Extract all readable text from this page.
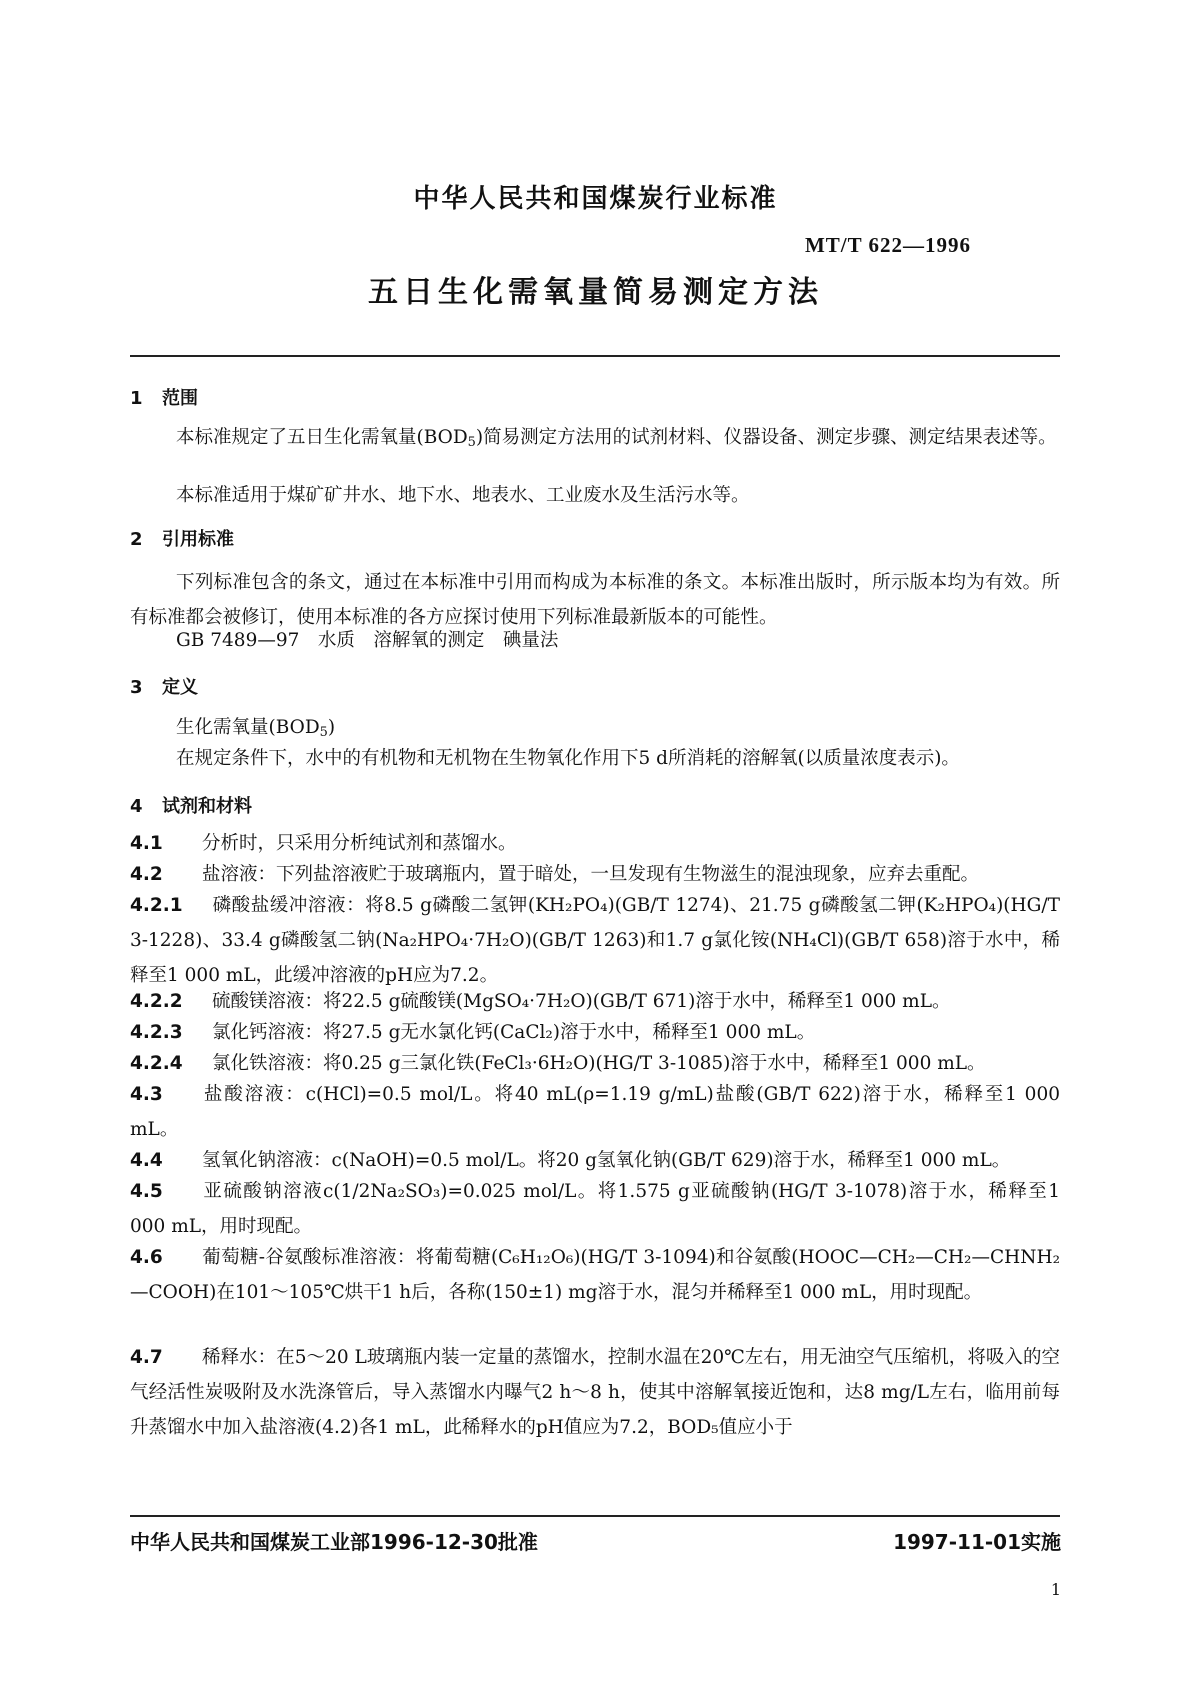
中华人民共和国煤炭行业标准
MT/T 622—1996
五日生化需氧量简易测定方法
1 范围
本标准规定了五日生化需氧量$(BOD_5)$简易测定方法用的试剂材料、仪器设备、测定步骤、测定结果表述等。
本标准适用于煤矿矿井水、地下水、地表水、工业废水及生活污水等。
2 引用标准
下列标准包含的条文，通过在本标准中引用而构成为本标准的条文。本标准出版时，所示版本均为有效。所有标准都会被修订，使用本标准的各方应探讨使用下列标准最新版本的可能性。
GB 7489—97　水质　溶解氧的测定　碘量法
3 定义
生化需氧量$(BOD_5)$
在规定条件下，水中的有机物和无机物在生物氧化作用下5 d所消耗的溶解氧(以质量浓度表示)。
4 试剂和材料
4.1 分析时，只采用分析纯试剂和蒸馏水。
4.2 盐溶液：下列盐溶液贮于玻璃瓶内，置于暗处，一旦发现有生物滋生的混浊现象，应弃去重配。
4.2.1 磷酸盐缓冲溶液：将8.5 g磷酸二氢钾(KH₂PO₄)(GB/T 1274)、21.75 g磷酸氢二钾(K₂HPO₄)(HG/T 3-1228)、33.4 g磷酸氢二钠(Na₂HPO₄·7H₂O)(GB/T 1263)和1.7 g氯化铵(NH₄Cl)(GB/T 658)溶于水中，稀释至1 000 mL，此缓冲溶液的pH应为7.2。
4.2.2 硫酸镁溶液：将22.5 g硫酸镁(MgSO₄·7H₂O)(GB/T 671)溶于水中，稀释至1 000 mL。
4.2.3 氯化钙溶液：将27.5 g无水氯化钙(CaCl₂)溶于水中，稀释至1 000 mL。
4.2.4 氯化铁溶液：将0.25 g三氯化铁(FeCl₃·6H₂O)(HG/T 3-1085)溶于水中，稀释至1 000 mL。
4.3 盐酸溶液：c(HCl)=0.5 mol/L。将40 mL(ρ=1.19 g/mL)盐酸(GB/T 622)溶于水，稀释至1 000 mL。
4.4 氢氧化钠溶液：c(NaOH)=0.5 mol/L。将20 g氢氧化钠(GB/T 629)溶于水，稀释至1 000 mL。
4.5 亚硫酸钠溶液c(1/2Na₂SO₃)=0.025 mol/L。将1.575 g亚硫酸钠(HG/T 3-1078)溶于水，稀释至1 000 mL，用时现配。
4.6 葡萄糖-谷氨酸标准溶液：将葡萄糖(C₆H₁₂O₆)(HG/T 3-1094)和谷氨酸(HOOC—CH₂—CH₂—CHNH₂—COOH)在101～105℃烘干1 h后，各称(150±1) mg溶于水，混匀并稀释至1 000 mL，用时现配。
4.7 稀释水：在5～20 L玻璃瓶内装一定量的蒸馏水，控制水温在20℃左右，用无油空气压缩机，将吸入的空气经活性炭吸附及水洗涤管后，导入蒸馏水内曝气2 h～8 h，使其中溶解氧接近饱和，达8 mg/L左右，临用前每升蒸馏水中加入盐溶液(4.2)各1 mL，此稀释水的pH值应为7.2，BOD₅值应小于
中华人民共和国煤炭工业部1996-12-30批准	1997-11-01实施
1
